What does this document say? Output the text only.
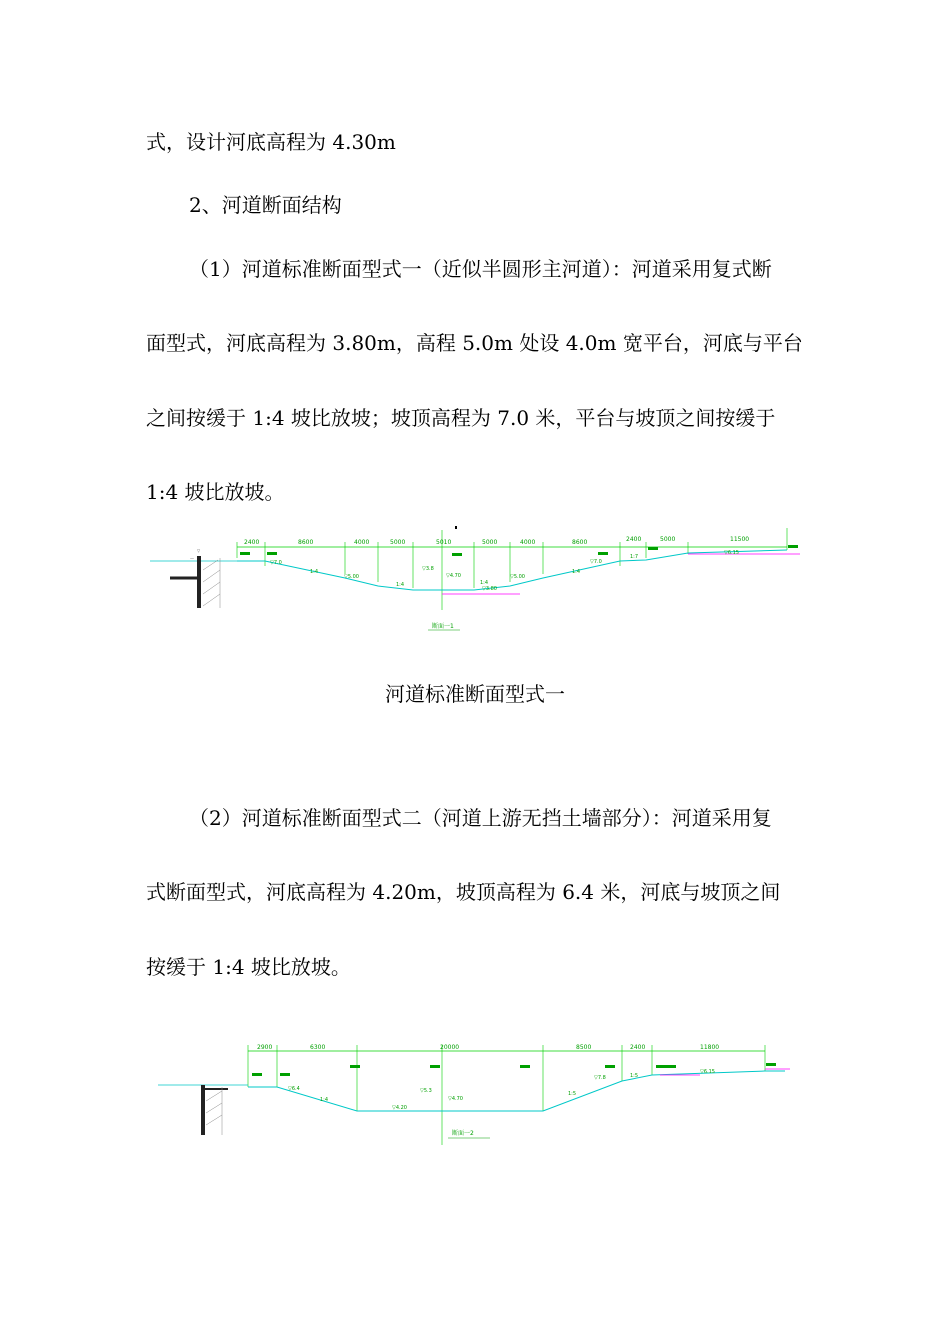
式，设计河底高程为 4.30m

2、河道断面结构

（1）河道标准断面型式一（近似半圆形主河道）：河道采用复式断

面型式，河底高程为 3.80m，高程 5.0m 处设 4.0m 宽平台，河底与平台

之间按缓于 1:4 坡比放坡；坡顶高程为 7.0 米，平台与坡顶之间按缓于

1:4 坡比放坡。

2400	8600	4000	5000	5010	5000	4000	8600	2400	5000	11500
▽
—
▽7.0
▽5.00
▽3.8
▽4.70
▽3.80
▽5.00
▽7.0
▽6.15
1:4
1:4	1:4
1:4
1:7
断面一1

河道标准断面型式一

（2）河道标准断面型式二（河道上游无挡土墙部分）：河道采用复

式断面型式，河底高程为 4.20m，坡顶高程为 6.4 米，河底与坡顶之间

按缓于 1:4 坡比放坡。

2900	6300	20000	8500	2400	11800
▽6.4	▽5.3
▽4.70
▽4.20
▽7.8
▽6.15
1:4
1:5
1:5
断面一2
